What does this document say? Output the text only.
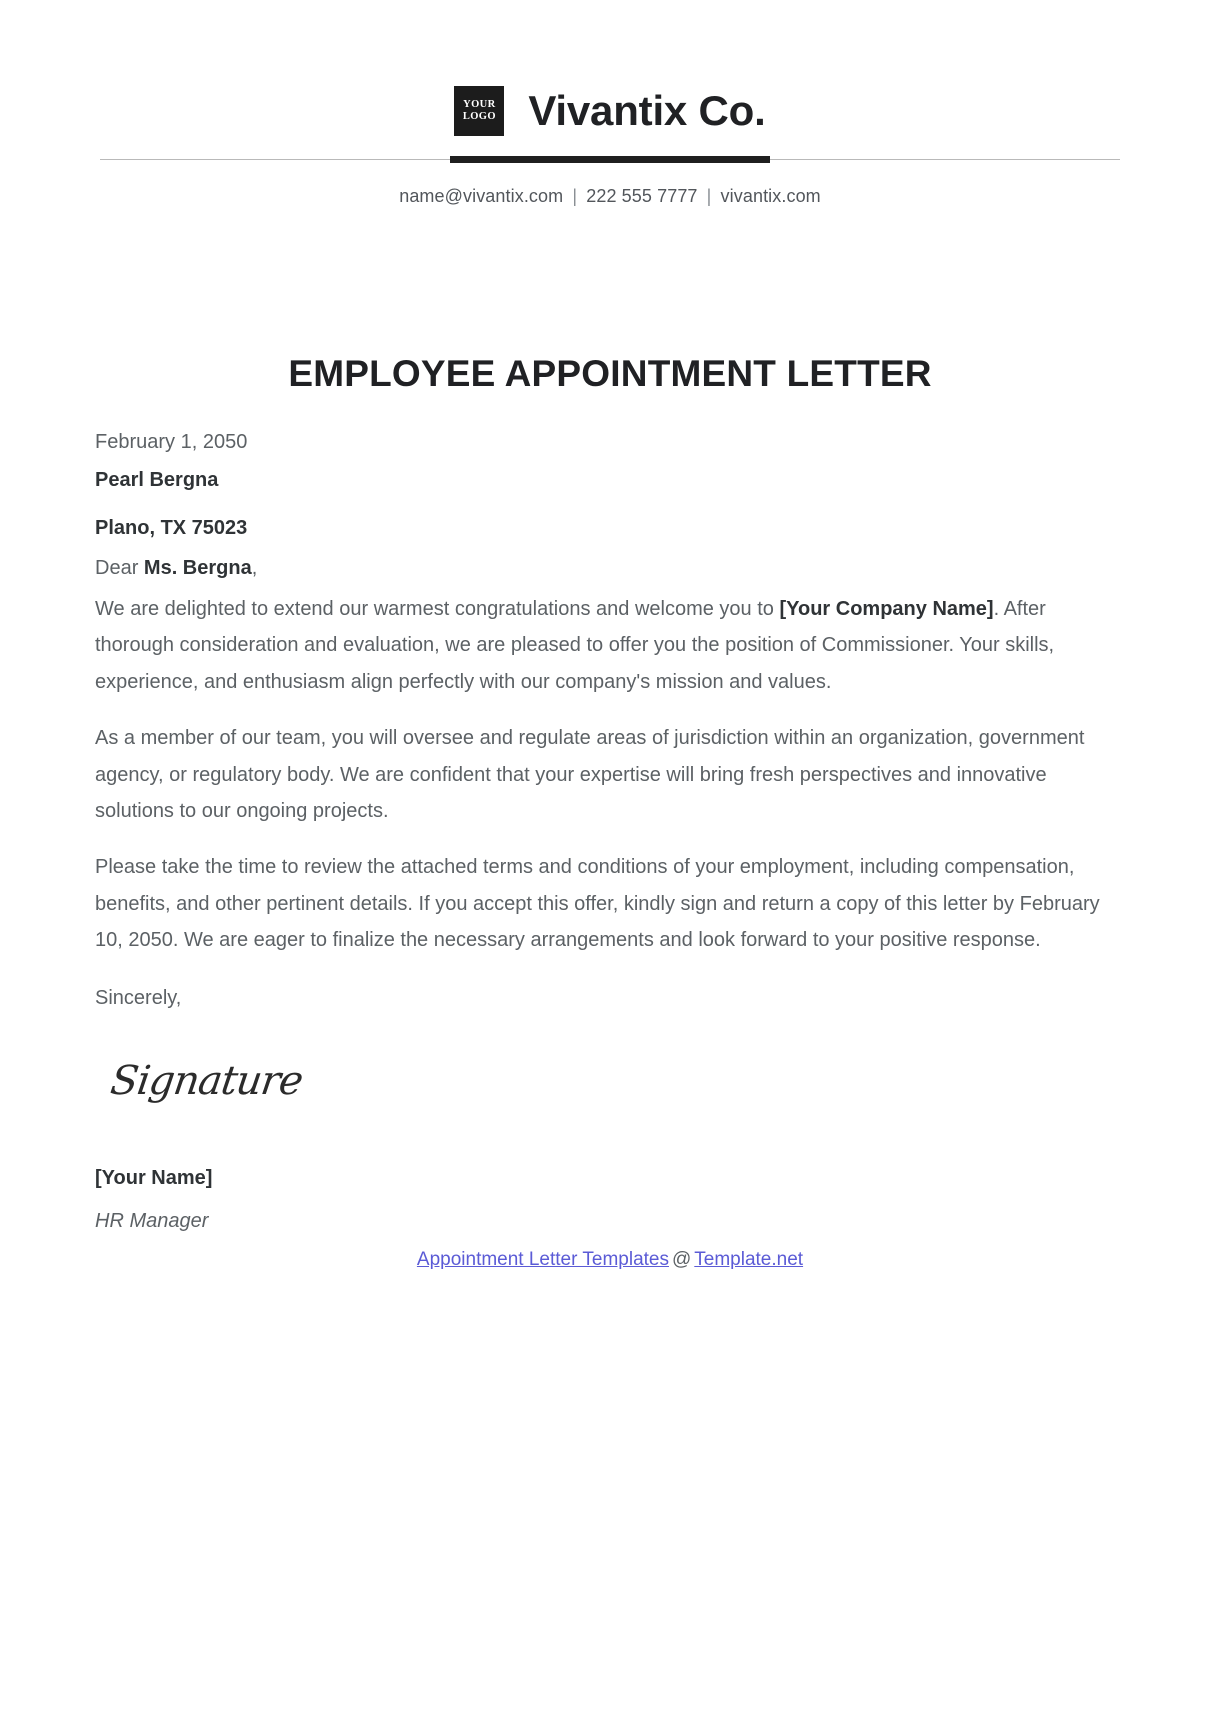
YOUR
LOGO Vivantix Co.
name@vivantix.com | 222 555 7777 | vivantix.com
EMPLOYEE APPOINTMENT LETTER
February 1, 2050
Pearl Bergna
Plano, TX 75023
Dear Ms. Bergna,

We are delighted to extend our warmest congratulations and welcome you to [Your Company Name]. After thorough consideration and evaluation, we are pleased to offer you the position of Commissioner. Your skills, experience, and enthusiasm align perfectly with our company's mission and values.

As a member of our team, you will oversee and regulate areas of jurisdiction within an organization, government agency, or regulatory body. We are confident that your expertise will bring fresh perspectives and innovative solutions to our ongoing projects.

Please take the time to review the attached terms and conditions of your employment, including compensation, benefits, and other pertinent details. If you accept this offer, kindly sign and return a copy of this letter by February 10, 2050. We are eager to finalize the necessary arrangements and look forward to your positive response.

Sincerely,
Signature
[Your Name]
HR Manager
Appointment Letter Templates @ Template.net
